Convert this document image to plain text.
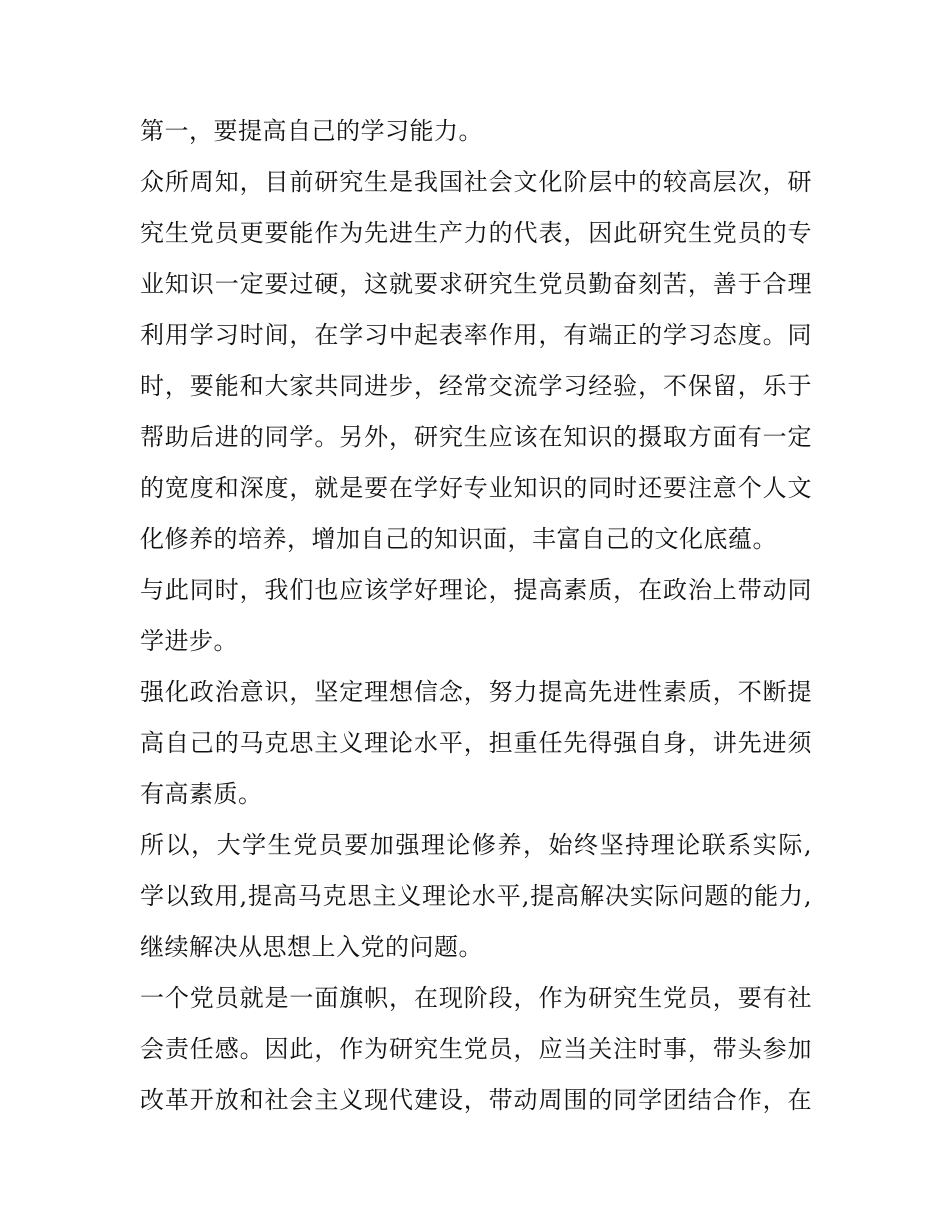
第一，要提高自己的学习能力。
众所周知，目前研究生是我国社会文化阶层中的较高层次，研
究生党员更要能作为先进生产力的代表，因此研究生党员的专
业知识一定要过硬，这就要求研究生党员勤奋刻苦，善于合理
利用学习时间，在学习中起表率作用，有端正的学习态度。同
时，要能和大家共同进步，经常交流学习经验，不保留，乐于
帮助后进的同学。另外，研究生应该在知识的摄取方面有一定
的宽度和深度，就是要在学好专业知识的同时还要注意个人文
化修养的培养，增加自己的知识面，丰富自己的文化底蕴。
与此同时，我们也应该学好理论，提高素质，在政治上带动同
学进步。
强化政治意识，坚定理想信念，努力提高先进性素质，不断提
高自己的马克思主义理论水平，担重任先得强自身，讲先进须
有高素质。
所以，大学生党员要加强理论修养，始终坚持理论联系实际,
学以致用,提高马克思主义理论水平,提高解决实际问题的能力,
继续解决从思想上入党的问题。
一个党员就是一面旗帜，在现阶段，作为研究生党员，要有社
会责任感。因此，作为研究生党员，应当关注时事，带头参加
改革开放和社会主义现代建设，带动周围的同学团结合作，在
